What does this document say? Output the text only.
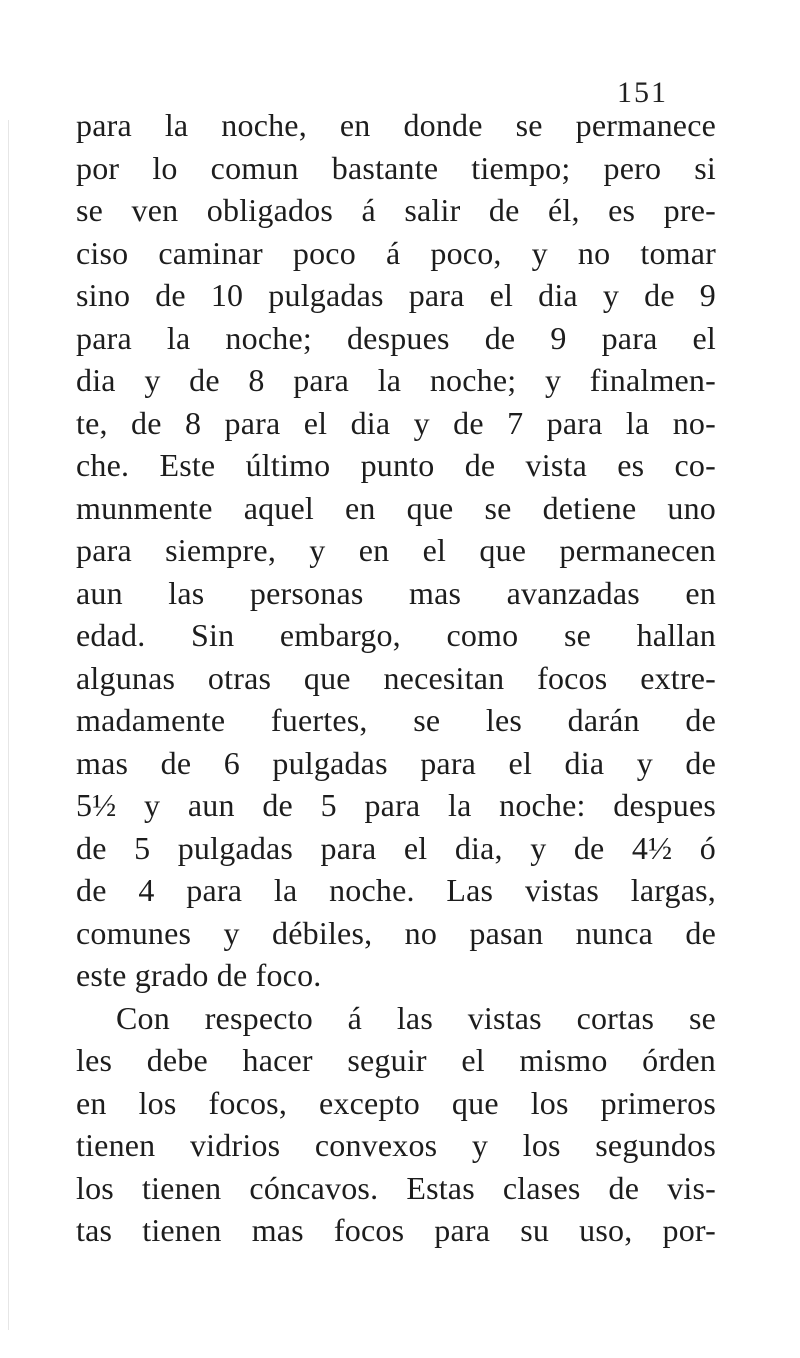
151
para la noche, en donde se permanece
por lo comun bastante tiempo; pero si
se ven obligados á salir de él, es pre-
ciso caminar poco á poco, y no tomar
sino de 10 pulgadas para el dia y de 9
para la noche; despues de 9 para el
dia y de 8 para la noche; y finalmen-
te, de 8 para el dia y de 7 para la no-
che. Este último punto de vista es co-
munmente aquel en que se detiene uno
para siempre, y en el que permanecen
aun las personas mas avanzadas en
edad. Sin embargo, como se hallan
algunas otras que necesitan focos extre-
madamente fuertes, se les darán de
mas de 6 pulgadas para el dia y de
5½ y aun de 5 para la noche: despues
de 5 pulgadas para el dia, y de 4½ ó
de 4 para la noche. Las vistas largas,
comunes y débiles, no pasan nunca de
este grado de foco.
Con respecto á las vistas cortas se
les debe hacer seguir el mismo órden
en los focos, excepto que los primeros
tienen vidrios convexos y los segundos
los tienen cóncavos. Estas clases de vis-
tas tienen mas focos para su uso, por-
